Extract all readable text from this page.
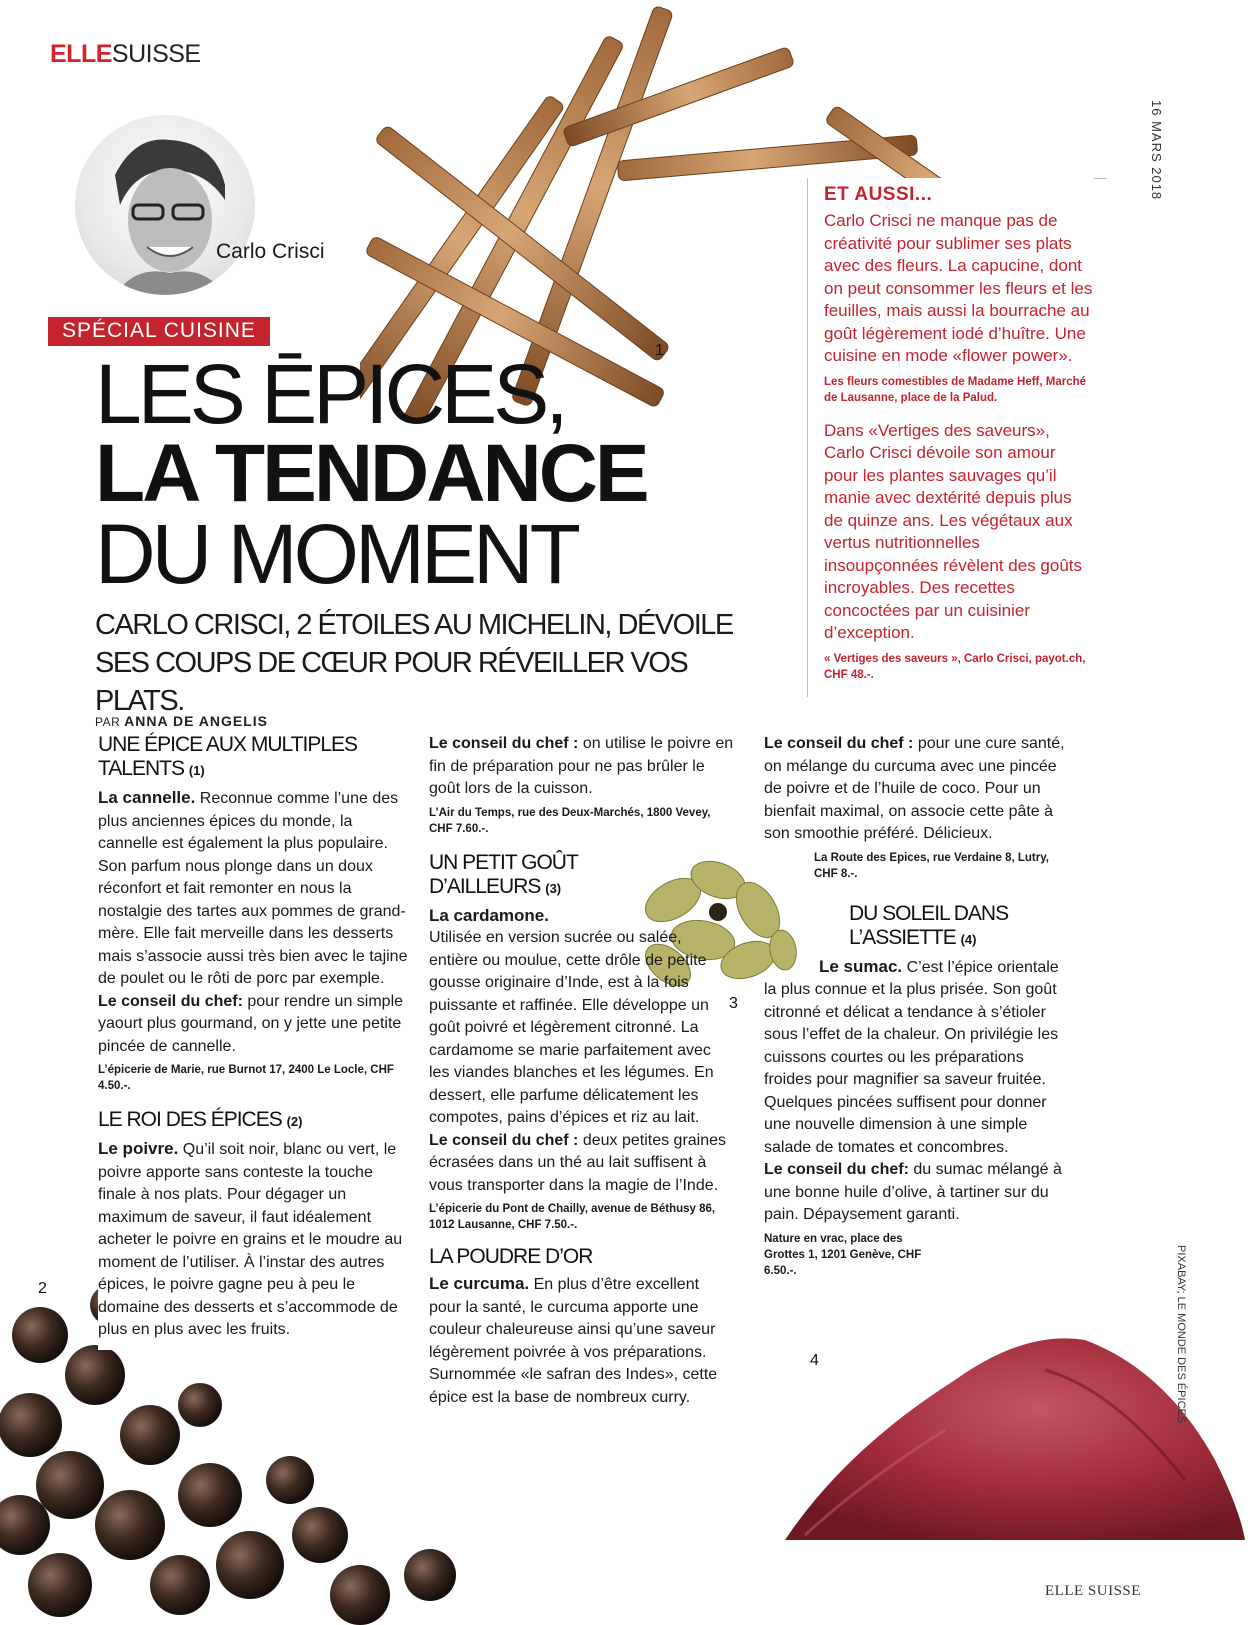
ELLESUISSE
16 MARS 2018
1
Carlo Crisci
SPÉCIAL CUISINE
LES ĒPICES,
LA TENDANCE
DU MOMENT
CARLO CRISCI, 2 ÉTOILES AU MICHELIN, DÉVOILE SES COUPS DE CŒUR POUR RÉVEILLER VOS PLATS.
PAR ANNA DE ANGELIS
ET AUSSI...

Carlo Crisci ne manque pas de créativité pour sublimer ses plats avec des fleurs. La capucine, dont on peut consommer les fleurs et les feuilles, mais aussi la bourrache au goût légèrement iodé d’huître. Une cuisine en mode «flower power».

Les fleurs comestibles de Madame Heff, Marché de Lausanne, place de la Palud.

Dans «Vertiges des saveurs», Carlo Crisci dévoile son amour pour les plantes sauvages qu’il manie avec dextérité depuis plus de quinze ans. Les végétaux aux vertus nutritionnelles insoupçonnées révèlent des goûts incroyables. Des recettes concoctées par un cuisinier d’exception.

« Vertiges des saveurs », Carlo Crisci, payot.ch, CHF 48.-.

3
4
UNE ÉPICE AUX MULTIPLES TALENTS (1)

La cannelle. Reconnue comme l’une des plus anciennes épices du monde, la cannelle est également la plus populaire. Son parfum nous plonge dans un doux réconfort et fait remonter en nous la nostalgie des tartes aux pommes de grand-mère. Elle fait merveille dans les desserts mais s’associe aussi très bien avec le tajine de poulet ou le rôti de porc par exemple.

Le conseil du chef: pour rendre un simple yaourt plus gourmand, on y jette une petite pincée de cannelle.

L’épicerie de Marie, rue Burnot 17, 2400 Le Locle, CHF 4.50.-.

LE ROI DES ÉPICES (2)

Le poivre. Qu’il soit noir, blanc ou vert, le poivre apporte sans conteste la touche finale à nos plats. Pour dégager un maximum de saveur, il faut idéalement acheter le poivre en grains et le moudre au moment de l’utiliser. À l’instar des autres épices, le poivre gagne peu à peu le domaine des desserts et s’accommode de plus en plus avec les fruits.

2

Le conseil du chef : on utilise le poivre en fin de préparation pour ne pas brûler le goût lors de la cuisson.

L’Air du Temps, rue des Deux-Marchés, 1800 Vevey, CHF 7.60.-.

UN PETIT GOÛT D’AILLEURS (3)

La cardamone.

Utilisée en version sucrée ou salée, entière ou moulue, cette drôle de petite gousse originaire d’Inde, est à la fois puissante et raffinée. Elle développe un goût poivré et légèrement citronné. La cardamome se marie parfaitement avec les viandes blanches et les légumes. En dessert, elle parfume délicatement les compotes, pains d’épices et riz au lait.

Le conseil du chef : deux petites graines écrasées dans un thé au lait suffisent à vous transporter dans la magie de l’Inde.

L’épicerie du Pont de Chailly, avenue de Béthusy 86, 1012 Lausanne, CHF 7.50.-.

LA POUDRE D’OR

Le curcuma. En plus d’être excellent pour la santé, le curcuma apporte une couleur chaleureuse ainsi qu’une saveur légèrement poivrée à vos préparations. Surnommée «le safran des Indes», cette épice est la base de nombreux curry.

Le conseil du chef : pour une cure santé, on mélange du curcuma avec une pincée de poivre et de l’huile de coco. Pour un bienfait maximal, on associe cette pâte à son smoothie préféré. Délicieux.

La Route des Epices, rue Verdaine 8, Lutry, CHF 8.-.

DU SOLEIL DANS L’ASSIETTE (4)

Le sumac. C’est l’épice orientale la plus connue et la plus prisée. Son goût citronné et délicat a tendance à s’étioler sous l’effet de la chaleur. On privilégie les cuissons courtes ou les préparations froides pour magnifier sa saveur fruitée. Quelques pincées suffisent pour donner une nouvelle dimension à une simple salade de tomates et concombres.

Le conseil du chef: du sumac mélangé à une bonne huile d’olive, à tartiner sur du pain. Dépaysement garanti.

Nature en vrac, place des Grottes 1, 1201 Genève, CHF 6.50.-.	PIXABAY; LE MONDE DES ÉPICES.
ELLE SUISSE
